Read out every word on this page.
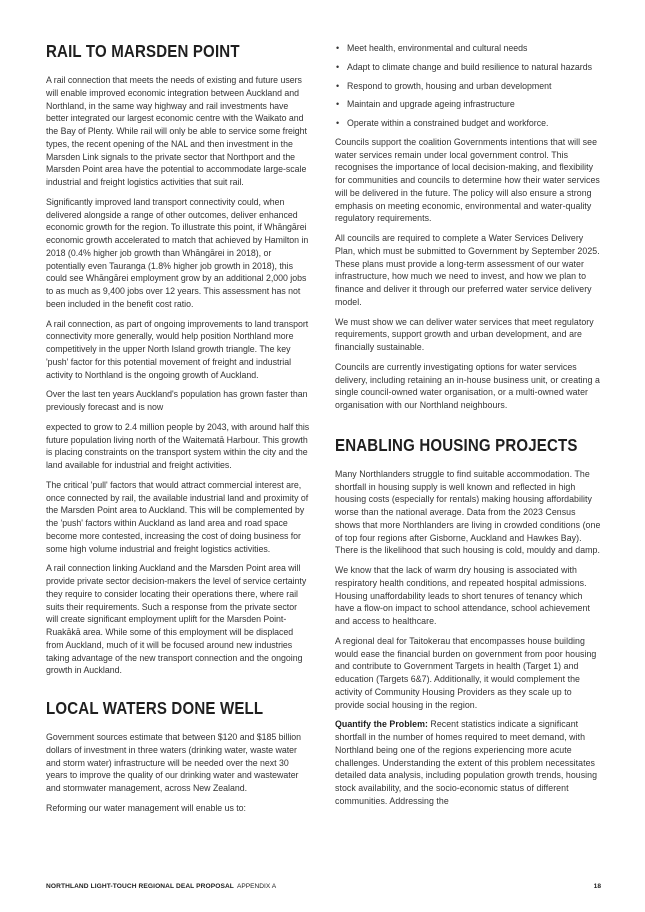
RAIL TO MARSDEN POINT

A rail connection that meets the needs of existing and future users will enable improved economic integration between Auckland and Northland, in the same way highway and rail investments have better integrated our largest economic centre with the Waikato and the Bay of Plenty. While rail will only be able to service some freight types, the recent opening of the NAL and then investment in the Marsden Link signals to the private sector that Northport and the Marsden Point area have the potential to accommodate large-scale industrial and freight logistics activities that suit rail.

Significantly improved land transport connectivity could, when delivered alongside a range of other outcomes, deliver enhanced economic growth for the region. To illustrate this point, if Whāngārei economic growth accelerated to match that achieved by Hamilton in 2018 (0.4% higher job growth than Whāngārei in 2018), or potentially even Tauranga (1.8% higher job growth in 2018), this could see Whāngārei employment grow by an additional 2,000 jobs to as much as 9,400 jobs over 12 years. This assessment has not been included in the benefit cost ratio.

A rail connection, as part of ongoing improvements to land transport connectivity more generally, would help position Northland more competitively in the upper North Island growth triangle. The key 'push' factor for this potential movement of freight and industrial activity to Northland is the ongoing growth of Auckland.

Over the last ten years Auckland's population has grown faster than previously forecast and is now

expected to grow to 2.4 million people by 2043, with around half this future population living north of the Waitematā Harbour. This growth is placing constraints on the transport system within the city and the land available for industrial and freight activities.

The critical 'pull' factors that would attract commercial interest are, once connected by rail, the available industrial land and proximity of the Marsden Point area to Auckland. This will be complemented by the 'push' factors within Auckland as land area and road space become more contested, increasing the cost of doing business for some high volume industrial and freight logistics activities.

A rail connection linking Auckland and the Marsden Point area will provide private sector decision-makers the level of service certainty they require to consider locating their operations there, where rail suits their requirements. Such a response from the private sector will create significant employment uplift for the Marsden Point-Ruakākā area. While some of this employment will be displaced from Auckland, much of it will be focused around new industries taking advantage of the new transport connection and the ongoing growth in Auckland.

LOCAL WATERS DONE WELL

Government sources estimate that between $120 and $185 billion dollars of investment in three waters (drinking water, waste water and storm water) infrastructure will be needed over the next 30 years to improve the quality of our drinking water and wastewater and stormwater management, across New Zealand.

Reforming our water management will enable us to:

• Meet health, environmental and cultural needs
• Adapt to climate change and build resilience to natural hazards
• Respond to growth, housing and urban development
• Maintain and upgrade ageing infrastructure
• Operate within a constrained budget and workforce.

Councils support the coalition Governments intentions that will see water services remain under local government control. This recognises the importance of local decision-making, and flexibility for communities and councils to determine how their water services will be delivered in the future. The policy will also ensure a strong emphasis on meeting economic, environmental and water-quality regulatory requirements.

All councils are required to complete a Water Services Delivery Plan, which must be submitted to Government by September 2025. These plans must provide a long-term assessment of our water infrastructure, how much we need to invest, and how we plan to finance and deliver it through our preferred water service delivery model.

We must show we can deliver water services that meet regulatory requirements, support growth and urban development, and are financially sustainable.

Councils are currently investigating options for water services delivery, including retaining an in-house business unit, or creating a single council-owned water organisation, or a multi-owned water organisation with our Northland neighbours.

ENABLING HOUSING PROJECTS

Many Northlanders struggle to find suitable accommodation. The shortfall in housing supply is well known and reflected in high housing costs (especially for rentals) making housing affordability worse than the national average. Data from the 2023 Census shows that more Northlanders are living in crowded conditions (one of top four regions after Gisborne, Auckland and Hawkes Bay). There is the likelihood that such housing is cold, mouldy and damp.

We know that the lack of warm dry housing is associated with respiratory health conditions, and repeated hospital admissions. Housing unaffordability leads to short tenures of tenancy which have a flow-on impact to school attendance, school achievement and access to healthcare.

A regional deal for Taitokerau that encompasses house building would ease the financial burden on government from poor housing and contribute to Government Targets in health (Target 1) and education (Targets 6&7). Additionally, it would complement the activity of Community Housing Providers as they scale up to provide social housing in the region.

Quantify the Problem: Recent statistics indicate a significant shortfall in the number of homes required to meet demand, with Northland being one of the regions experiencing more acute challenges. Understanding the extent of this problem necessitates detailed data analysis, including population growth trends, housing stock availability, and the socio-economic status of different communities. Addressing the

NORTHLAND LIGHT-TOUCH REGIONAL DEAL PROPOSAL APPENDIX A	18
